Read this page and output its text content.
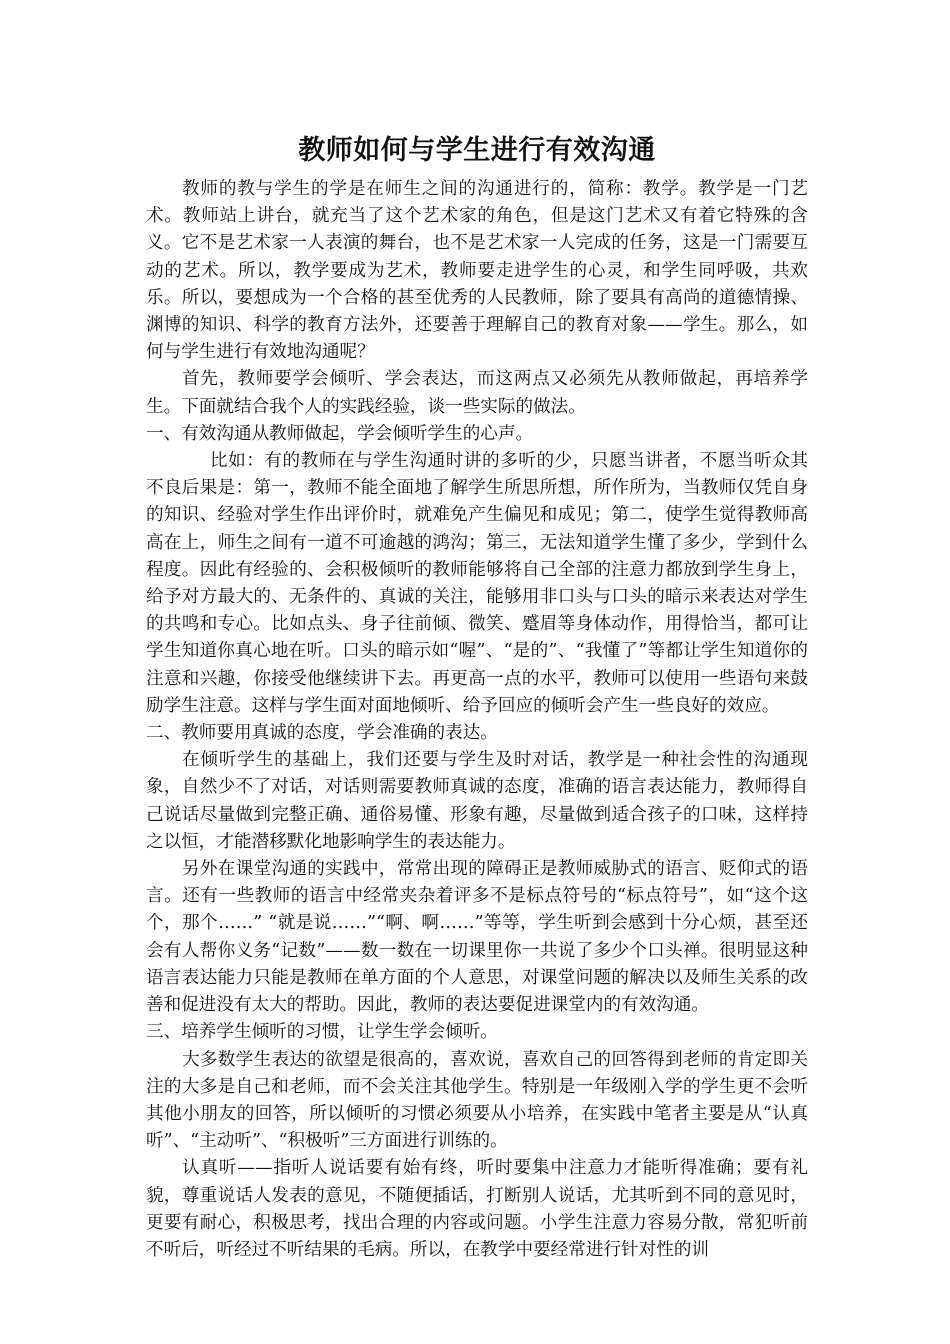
教师如何与学生进行有效沟通

教师的教与学生的学是在师生之间的沟通进行的，简称：教学。教学是一门艺术。教师站上讲台，就充当了这个艺术家的角色，但是这门艺术又有着它特殊的含义。它不是艺术家一人表演的舞台，也不是艺术家一人完成的任务，这是一门需要互动的艺术。所以，教学要成为艺术，教师要走进学生的心灵，和学生同呼吸，共欢乐。所以，要想成为一个合格的甚至优秀的人民教师，除了要具有高尚的道德情操、渊博的知识、科学的教育方法外，还要善于理解自己的教育对象——学生。那么，如何与学生进行有效地沟通呢？

首先，教师要学会倾听、学会表达，而这两点又必须先从教师做起，再培养学生。下面就结合我个人的实践经验，谈一些实际的做法。

一、有效沟通从教师做起，学会倾听学生的心声。

比如：有的教师在与学生沟通时讲的多听的少，只愿当讲者，不愿当听众其不良后果是：第一，教师不能全面地了解学生所思所想，所作所为，当教师仅凭自身的知识、经验对学生作出评价时，就难免产生偏见和成见；第二，使学生觉得教师高高在上，师生之间有一道不可逾越的鸿沟；第三，无法知道学生懂了多少，学到什么程度。因此有经验的、会积极倾听的教师能够将自己全部的注意力都放到学生身上，给予对方最大的、无条件的、真诚的关注，能够用非口头与口头的暗示来表达对学生的共鸣和专心。比如点头、身子往前倾、微笑、蹙眉等身体动作，用得恰当，都可让学生知道你真心地在听。口头的暗示如“喔”、“是的”、“我懂了”等都让学生知道你的注意和兴趣，你接受他继续讲下去。再更高一点的水平，教师可以使用一些语句来鼓励学生注意。这样与学生面对面地倾听、给予回应的倾听会产生一些良好的效应。

二、教师要用真诚的态度，学会准确的表达。

在倾听学生的基础上，我们还要与学生及时对话，教学是一种社会性的沟通现象，自然少不了对话，对话则需要教师真诚的态度，准确的语言表达能力，教师得自己说话尽量做到完整正确、通俗易懂、形象有趣，尽量做到适合孩子的口味，这样持之以恒，才能潜移默化地影响学生的表达能力。

另外在课堂沟通的实践中，常常出现的障碍正是教师威胁式的语言、贬仰式的语言。还有一些教师的语言中经常夹杂着评多不是标点符号的“标点符号”，如“这个这个，那个……” “就是说……”“啊、啊……”等等，学生听到会感到十分心烦，甚至还会有人帮你义务“记数”——数一数在一切课里你一共说了多少个口头禅。很明显这种语言表达能力只能是教师在单方面的个人意思，对课堂问题的解决以及师生关系的改善和促进没有太大的帮助。因此，教师的表达要促进课堂内的有效沟通。

三、培养学生倾听的习惯，让学生学会倾听。

大多数学生表达的欲望是很高的，喜欢说，喜欢自己的回答得到老师的肯定即关注的大多是自己和老师，而不会关注其他学生。特别是一年级刚入学的学生更不会听其他小朋友的回答，所以倾听的习惯必须要从小培养，在实践中笔者主要是从“认真听”、“主动听”、“积极听”三方面进行训练的。

认真听——指听人说话要有始有终，听时要集中注意力才能听得准确；要有礼貌，尊重说话人发表的意见，不随便插话，打断别人说话，尤其听到不同的意见时，更要有耐心，积极思考，找出合理的内容或问题。小学生注意力容易分散，常犯听前不听后，听经过不听结果的毛病。所以，在教学中要经常进行针对性的训
